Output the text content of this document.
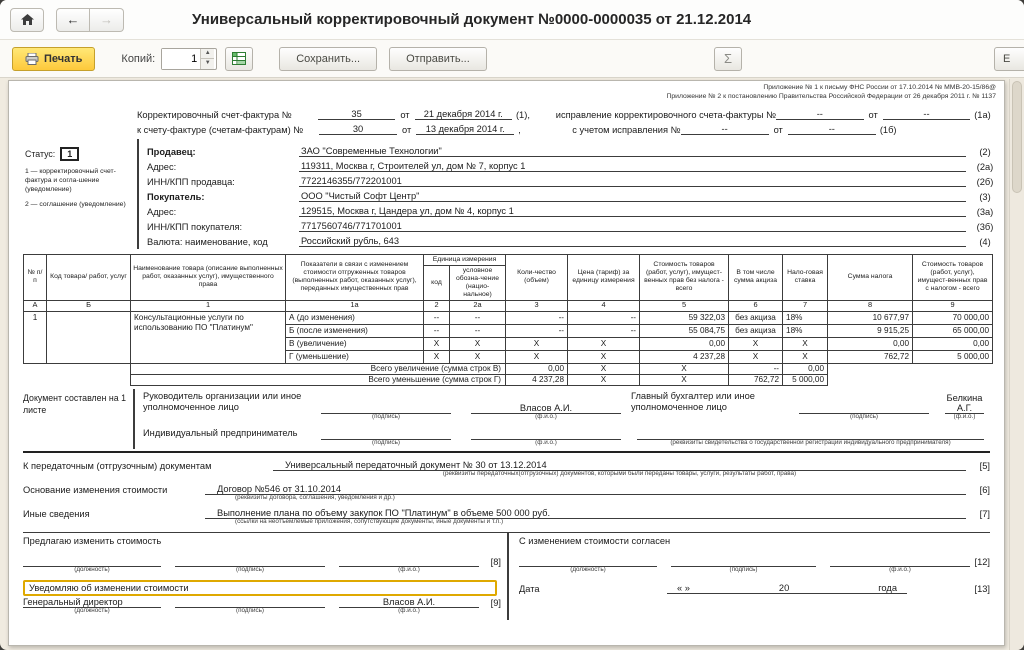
← →	Универсальный корректировочный документ №0000-0000035 от 21.12.2014
Печать	Копий:
1	▲
▼	Сохранить...	Отправить...	Σ	Е
Приложение № 1 к письму ФНС России от 17.10.2014 № ММВ-20-15/86@
Приложение № 2 к постановлению Правительства Российской Федерации от 26 декабря 2011 г. № 1137
Статус: 1
1 — корректировочный счет-фактура и согла-шение (уведомление)
2 — соглашение (уведомление)
Корректировочный счет-фактура №	35	от	21 декабря 2014 г.	(1),	исправление корректировочного счета-фактуры №	--	от	--	(1а)
к счету-фактуре (счетам-фактурам) №	30	от	13 декабря 2014 г.	,	с учетом исправления №	--	от	--	(1б)
Продавец:	ЗАО "Современные Технологии"	(2)
Адрес:	119311, Москва г, Строителей ул, дом № 7, корпус 1	(2а)
ИНН/КПП продавца:	7722146355/772201001	(2б)
Покупатель:	ООО "Чистый Софт Центр"	(3)
Адрес:	129515, Москва г, Цандера ул, дом № 4, корпус 1	(3а)
ИНН/КПП покупателя:	7717560746/771701001	(3б)
Валюта: наименование, код	Российский рубль, 643	(4)
№ п/п	Код товара/ работ, услуг	Наименование товара (описание выполненных работ, оказанных услуг), имущественного права	Показатели в связи с изменением стоимости отгруженных товаров (выполненных работ, оказанных услуг), переданных имущественных прав	Единица измерения		Коли-чество (объем)	Цена (тариф) за единицу измерения	Стоимость товаров (работ, услуг), имущест-венных прав без налога - всего	В том числе сумма акциза	Нало-говая ставка	Сумма налога	Стоимость товаров (работ, услуг), имущест-венных прав с налогом - всего
				код	условное обозна-чение (нацио-нальное)							
А	Б	1	1а	2	2а	3	4	5	6	7	8	9
1		Консультационные услуги по использованию ПО "Платинум"	А (до изменения)	--	--	--	--	59 322,03	без акциза	18%	10 677,97	70 000,00
			Б (после изменения)	--	--	--	--	55 084,75	без акциза	18%	9 915,25	65 000,00
			В (увеличение)	X	X	X	X	0,00	X	X	0,00	0,00
			Г (уменьшение)	X	X	X	X	4 237,28	X	X	762,72	5 000,00
		Всего увеличение (сумма строк В)				0,00	X	X	--	0,00		
		Всего уменьшение (сумма строк Г)				4 237,28	X	X	762,72	5 000,00		
Документ составлен на 1 листе
Руководитель организации или иное уполномоченное лицо
(подпись)
Власов А.И.
(ф.и.о.)
Главный бухгалтер или иное уполномоченное лицо
(подпись)
Белкина А.Г.
(ф.и.о.)
Индивидуальный предприниматель
(подпись)	(ф.и.о.)	(реквизиты свидетельства о государственной регистрации индивидуального предпринимателя)
К передаточным (отгрузочным) документам	Универсальный передаточный документ № 30 от 13.12.2014
(реквизиты передаточных(отгрузочных) документов, которыми были переданы товары, услуги, результаты работ, права)
[5]
Основание изменения стоимости	Договор №546 от 31.10.2014
(реквизиты договора, соглашения, уведомления и др.)
[6]
Иные сведения	Выполнение плана по объему закупок ПО "Платинум" в объеме 500 000 руб.
(ссылки на неотъемлемые приложения, сопутствующие документы, иные документы и т.п.)
[7]
Предлагаю изменить стоимость
(должность)	(подпись)	(ф.и.о.)
[8]
Уведомляю об изменении стоимости
Генеральный директор
(должность)	(подпись)
Власов А.И.
(ф.и.о.)
[9]
С изменением стоимости согласен
(должность)	(подпись)	(ф.и.о.)
[12]
Дата	« »	20	года	[13]
